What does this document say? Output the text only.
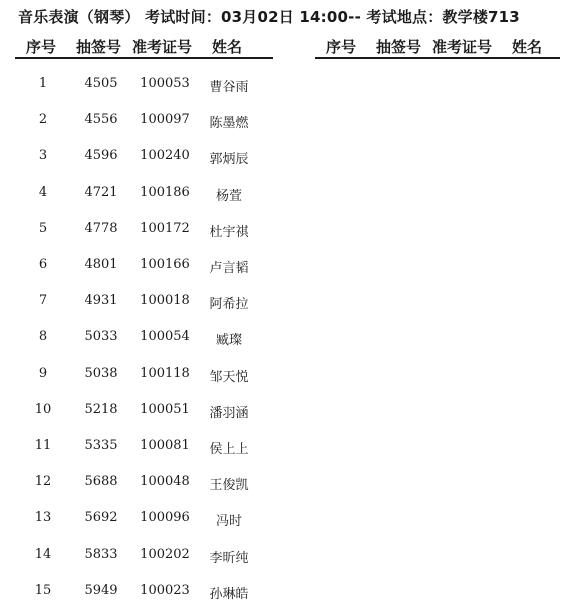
音乐表演（钢琴） 考试时间：03月02日 14:00-- 考试地点：教学楼713
序号 抽签号 准考证号 姓名	序号 抽签号 准考证号 姓名
1	4505	100053	曹谷雨
2	4556	100097	陈墨燃
3	4596	100240	郭炳辰
4	4721	100186	杨萓
5	4778	100172	杜宇祺
6	4801	100166	卢言韬
7	4931	100018	阿希拉
8	5033	100054	臧璨
9	5038	100118	邹天悦
10	5218	100051	潘羽涵
11	5335	100081	侯上上
12	5688	100048	王俊凯
13	5692	100096	冯时
14	5833	100202	李昕纯
15	5949	100023	孙琳皓
